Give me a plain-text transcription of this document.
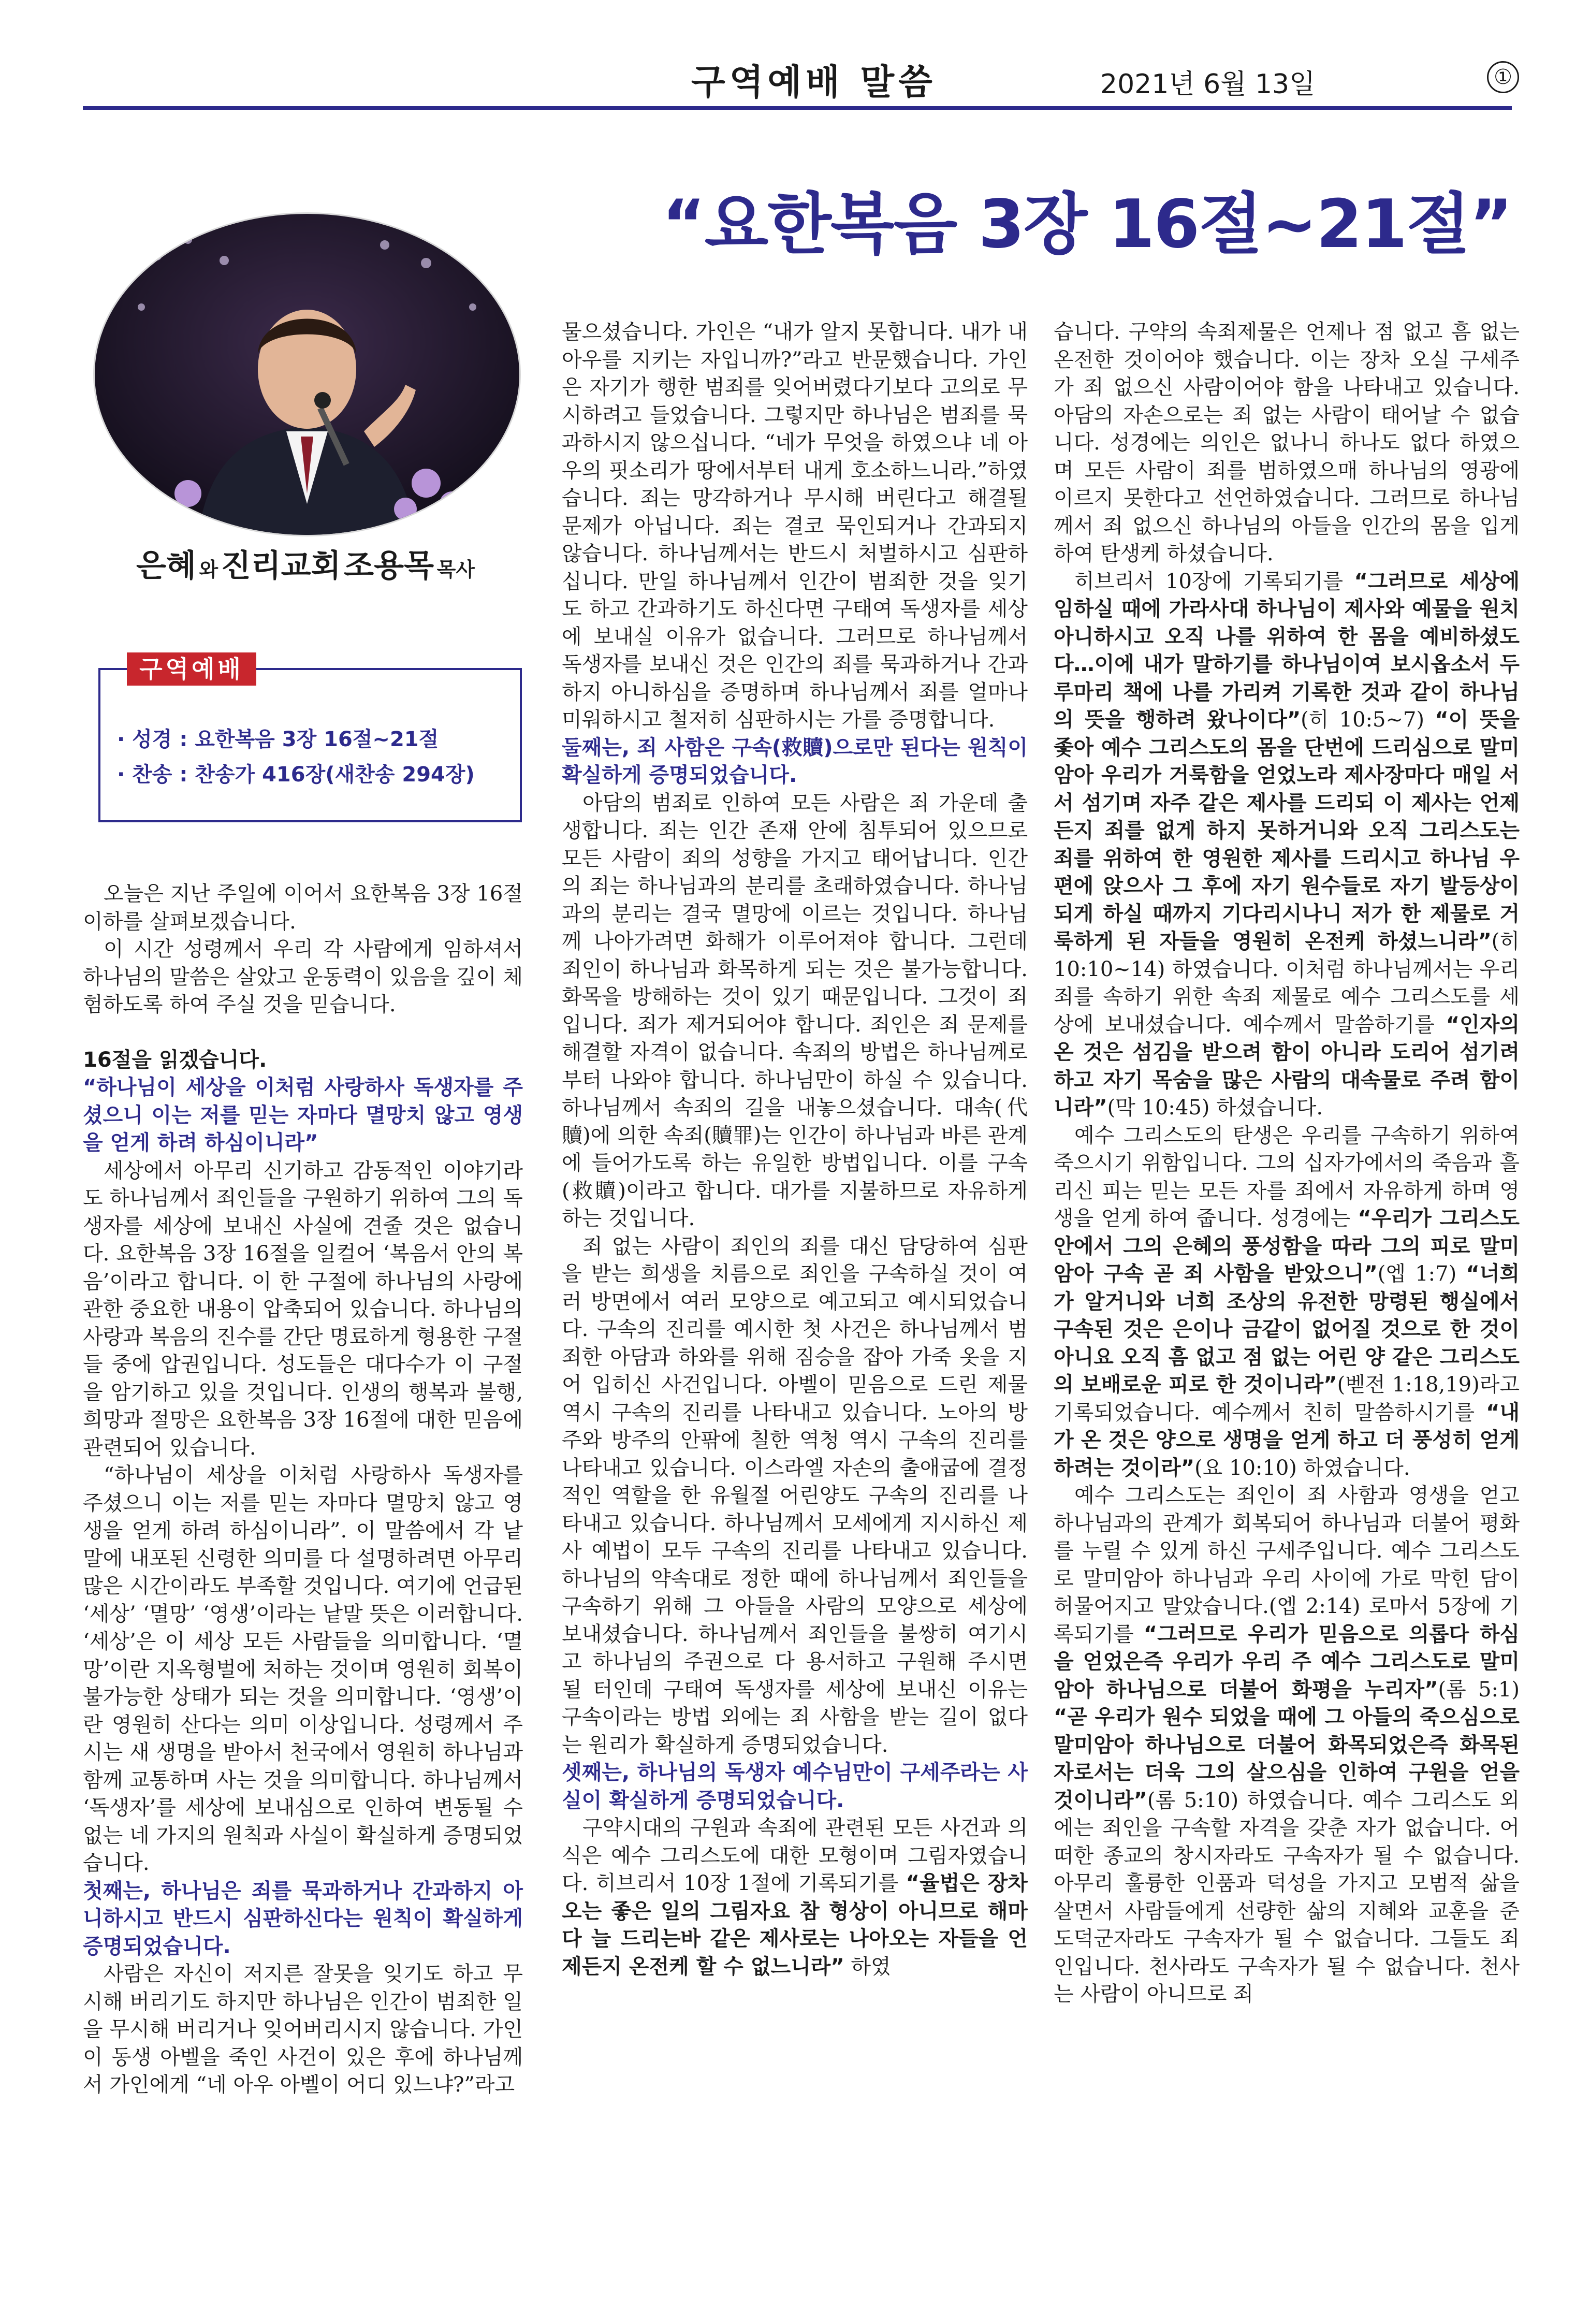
구역예배 말씀	2021년 6월 13일	①
“요한복음 3장 16절~21절”
은혜 와 진리교회 조용목 목사
· 성경 : 요한복음 3장 16절~21절
· 찬송 : 찬송가 416장(새찬송 294장)
구역예배

오늘은 지난 주일에 이어서 요한복음 3장 16절 이하를 살펴보겠습니다.

이 시간 성령께서 우리 각 사람에게 임하셔서 하나님의 말씀은 살았고 운동력이 있음을 깊이 체험하도록 하여 주실 것을 믿습니다.

16절을 읽겠습니다.

“하나님이 세상을 이처럼 사랑하사 독생자를 주셨으니 이는 저를 믿는 자마다 멸망치 않고 영생을 얻게 하려 하심이니라”

세상에서 아무리 신기하고 감동적인 이야기라도 하나님께서 죄인들을 구원하기 위하여 그의 독생자를 세상에 보내신 사실에 견줄 것은 없습니다. 요한복음 3장 16절을 일컬어 ‘복음서 안의 복음’이라고 합니다. 이 한 구절에 하나님의 사랑에 관한 중요한 내용이 압축되어 있습니다. 하나님의 사랑과 복음의 진수를 간단 명료하게 형용한 구절들 중에 압권입니다. 성도들은 대다수가 이 구절을 암기하고 있을 것입니다. 인생의 행복과 불행, 희망과 절망은 요한복음 3장 16절에 대한 믿음에 관련되어 있습니다.

“하나님이 세상을 이처럼 사랑하사 독생자를 주셨으니 이는 저를 믿는 자마다 멸망치 않고 영생을 얻게 하려 하심이니라”. 이 말씀에서 각 낱말에 내포된 신령한 의미를 다 설명하려면 아무리 많은 시간이라도 부족할 것입니다. 여기에 언급된 ‘세상’ ‘멸망’ ‘영생’이라는 낱말 뜻은 이러합니다. ‘세상’은 이 세상 모든 사람들을 의미합니다. ‘멸망’이란 지옥형벌에 처하는 것이며 영원히 회복이 불가능한 상태가 되는 것을 의미합니다. ‘영생’이란 영원히 산다는 의미 이상입니다. 성령께서 주시는 새 생명을 받아서 천국에서 영원히 하나님과 함께 교통하며 사는 것을 의미합니다. 하나님께서 ‘독생자’를 세상에 보내심으로 인하여 변동될 수 없는 네 가지의 원칙과 사실이 확실하게 증명되었습니다.

첫째는, 하나님은 죄를 묵과하거나 간과하지 아니하시고 반드시 심판하신다는 원칙이 확실하게 증명되었습니다.

사람은 자신이 저지른 잘못을 잊기도 하고 무시해 버리기도 하지만 하나님은 인간이 범죄한 일을 무시해 버리거나 잊어버리시지 않습니다. 가인이 동생 아벨을 죽인 사건이 있은 후에 하나님께서 가인에게 “네 아우 아벨이 어디 있느냐?”라고

물으셨습니다. 가인은 “내가 알지 못합니다. 내가 내 아우를 지키는 자입니까?”라고 반문했습니다. 가인은 자기가 행한 범죄를 잊어버렸다기보다 고의로 무시하려고 들었습니다. 그렇지만 하나님은 범죄를 묵과하시지 않으십니다. “네가 무엇을 하였으냐 네 아우의 핏소리가 땅에서부터 내게 호소하느니라.”하였습니다. 죄는 망각하거나 무시해 버린다고 해결될 문제가 아닙니다. 죄는 결코 묵인되거나 간과되지 않습니다. 하나님께서는 반드시 처벌하시고 심판하십니다. 만일 하나님께서 인간이 범죄한 것을 잊기도 하고 간과하기도 하신다면 구태여 독생자를 세상에 보내실 이유가 없습니다. 그러므로 하나님께서 독생자를 보내신 것은 인간의 죄를 묵과하거나 간과하지 아니하심을 증명하며 하나님께서 죄를 얼마나 미워하시고 철저히 심판하시는 가를 증명합니다.

둘째는, 죄 사함은 구속(救贖)으로만 된다는 원칙이 확실하게 증명되었습니다.

아담의 범죄로 인하여 모든 사람은 죄 가운데 출생합니다. 죄는 인간 존재 안에 침투되어 있으므로 모든 사람이 죄의 성향을 가지고 태어납니다. 인간의 죄는 하나님과의 분리를 초래하였습니다. 하나님과의 분리는 결국 멸망에 이르는 것입니다. 하나님께 나아가려면 화해가 이루어져야 합니다. 그런데 죄인이 하나님과 화목하게 되는 것은 불가능합니다. 화목을 방해하는 것이 있기 때문입니다. 그것이 죄입니다. 죄가 제거되어야 합니다. 죄인은 죄 문제를 해결할 자격이 없습니다. 속죄의 방법은 하나님께로부터 나와야 합니다. 하나님만이 하실 수 있습니다. 하나님께서 속죄의 길을 내놓으셨습니다. 대속(代贖)에 의한 속죄(贖罪)는 인간이 하나님과 바른 관계에 들어가도록 하는 유일한 방법입니다. 이를 구속(救贖)이라고 합니다. 대가를 지불하므로 자유하게 하는 것입니다.

죄 없는 사람이 죄인의 죄를 대신 담당하여 심판을 받는 희생을 치름으로 죄인을 구속하실 것이 여러 방면에서 여러 모양으로 예고되고 예시되었습니다. 구속의 진리를 예시한 첫 사건은 하나님께서 범죄한 아담과 하와를 위해 짐승을 잡아 가죽 옷을 지어 입히신 사건입니다. 아벨이 믿음으로 드린 제물 역시 구속의 진리를 나타내고 있습니다. 노아의 방주와 방주의 안팎에 칠한 역청 역시 구속의 진리를 나타내고 있습니다. 이스라엘 자손의 출애굽에 결정적인 역할을 한 유월절 어린양도 구속의 진리를 나타내고 있습니다. 하나님께서 모세에게 지시하신 제사 예법이 모두 구속의 진리를 나타내고 있습니다. 하나님의 약속대로 정한 때에 하나님께서 죄인들을 구속하기 위해 그 아들을 사람의 모양으로 세상에 보내셨습니다. 하나님께서 죄인들을 불쌍히 여기시고 하나님의 주권으로 다 용서하고 구원해 주시면 될 터인데 구태여 독생자를 세상에 보내신 이유는 구속이라는 방법 외에는 죄 사함을 받는 길이 없다는 원리가 확실하게 증명되었습니다.

셋째는, 하나님의 독생자 예수님만이 구세주라는 사실이 확실하게 증명되었습니다.

구약시대의 구원과 속죄에 관련된 모든 사건과 의식은 예수 그리스도에 대한 모형이며 그림자였습니다. 히브리서 10장 1절에 기록되기를 “율법은 장차 오는 좋은 일의 그림자요 참 형상이 아니므로 해마다 늘 드리는바 같은 제사로는 나아오는 자들을 언제든지 온전케 할 수 없느니라” 하였

습니다. 구약의 속죄제물은 언제나 점 없고 흠 없는 온전한 것이어야 했습니다. 이는 장차 오실 구세주가 죄 없으신 사람이어야 함을 나타내고 있습니다. 아담의 자손으로는 죄 없는 사람이 태어날 수 없습니다. 성경에는 의인은 없나니 하나도 없다 하였으며 모든 사람이 죄를 범하였으매 하나님의 영광에 이르지 못한다고 선언하였습니다. 그러므로 하나님께서 죄 없으신 하나님의 아들을 인간의 몸을 입게 하여 탄생케 하셨습니다.

히브리서 10장에 기록되기를 “그러므로 세상에 임하실 때에 가라사대 하나님이 제사와 예물을 원치 아니하시고 오직 나를 위하여 한 몸을 예비하셨도다…이에 내가 말하기를 하나님이여 보시옵소서 두루마리 책에 나를 가리켜 기록한 것과 같이 하나님의 뜻을 행하려 왔나이다”(히 10:5~7) “이 뜻을 좇아 예수 그리스도의 몸을 단번에 드리심으로 말미암아 우리가 거룩함을 얻었노라 제사장마다 매일 서서 섬기며 자주 같은 제사를 드리되 이 제사는 언제든지 죄를 없게 하지 못하거니와 오직 그리스도는 죄를 위하여 한 영원한 제사를 드리시고 하나님 우편에 앉으사 그 후에 자기 원수들로 자기 발등상이 되게 하실 때까지 기다리시나니 저가 한 제물로 거룩하게 된 자들을 영원히 온전케 하셨느니라”(히 10:10~14) 하였습니다. 이처럼 하나님께서는 우리 죄를 속하기 위한 속죄 제물로 예수 그리스도를 세상에 보내셨습니다. 예수께서 말씀하기를 “인자의 온 것은 섬김을 받으려 함이 아니라 도리어 섬기려 하고 자기 목숨을 많은 사람의 대속물로 주려 함이니라”(막 10:45) 하셨습니다.

예수 그리스도의 탄생은 우리를 구속하기 위하여 죽으시기 위함입니다. 그의 십자가에서의 죽음과 흘리신 피는 믿는 모든 자를 죄에서 자유하게 하며 영생을 얻게 하여 줍니다. 성경에는 “우리가 그리스도 안에서 그의 은혜의 풍성함을 따라 그의 피로 말미암아 구속 곧 죄 사함을 받았으니”(엡 1:7) “너희가 알거니와 너희 조상의 유전한 망령된 행실에서 구속된 것은 은이나 금같이 없어질 것으로 한 것이 아니요 오직 흠 없고 점 없는 어린 양 같은 그리스도의 보배로운 피로 한 것이니라”(벧전 1:18,19)라고 기록되었습니다. 예수께서 친히 말씀하시기를 “내가 온 것은 양으로 생명을 얻게 하고 더 풍성히 얻게 하려는 것이라”(요 10:10) 하였습니다.

예수 그리스도는 죄인이 죄 사함과 영생을 얻고 하나님과의 관계가 회복되어 하나님과 더불어 평화를 누릴 수 있게 하신 구세주입니다. 예수 그리스도로 말미암아 하나님과 우리 사이에 가로 막힌 담이 허물어지고 말았습니다.(엡 2:14) 로마서 5장에 기록되기를 “그러므로 우리가 믿음으로 의롭다 하심을 얻었은즉 우리가 우리 주 예수 그리스도로 말미암아 하나님으로 더불어 화평을 누리자”(롬 5:1) “곧 우리가 원수 되었을 때에 그 아들의 죽으심으로 말미암아 하나님으로 더불어 화목되었은즉 화목된 자로서는 더욱 그의 살으심을 인하여 구원을 얻을 것이니라”(롬 5:10) 하였습니다. 예수 그리스도 외에는 죄인을 구속할 자격을 갖춘 자가 없습니다. 어떠한 종교의 창시자라도 구속자가 될 수 없습니다. 아무리 훌륭한 인품과 덕성을 가지고 모범적 삶을 살면서 사람들에게 선량한 삶의 지혜와 교훈을 준 도덕군자라도 구속자가 될 수 없습니다. 그들도 죄인입니다. 천사라도 구속자가 될 수 없습니다. 천사는 사람이 아니므로 죄
